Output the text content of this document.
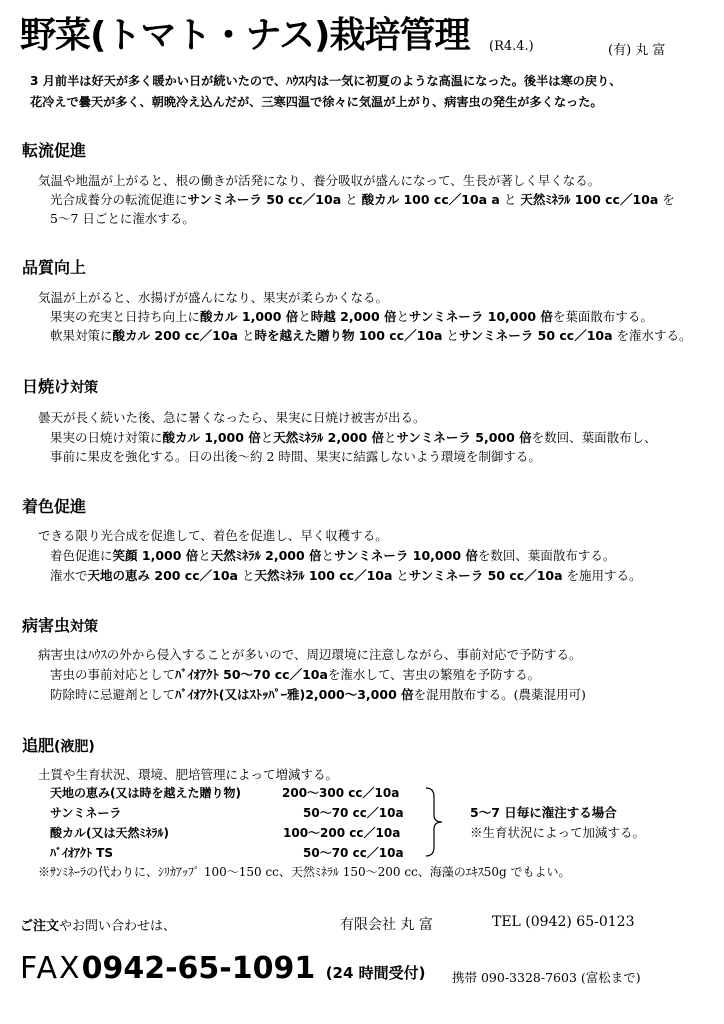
野菜(トマト・ナス)栽培管理 (R4.4.)	(有) 丸 富
3 月前半は好天が多く暖かい日が続いたので、ﾊｳｽ内は一気に初夏のような高温になった。後半は寒の戻り、
花冷えで曇天が多く、朝晩冷え込んだが、三寒四温で徐々に気温が上がり、病害虫の発生が多くなった。
転流促進
気温や地温が上がると、根の働きが活発になり、養分吸収が盛んになって、生長が著しく早くなる。
光合成養分の転流促進にサンミネーラ 50 cc／10a と 酸カル 100 cc／10a a と 天然ﾐﾈﾗﾙ 100 cc／10a を
5～7 日ごとに潅水する。
品質向上
気温が上がると、水揚げが盛んになり、果実が柔らかくなる。
果実の充実と日持ち向上に酸カル 1,000 倍と時越 2,000 倍とサンミネーラ 10,000 倍を葉面散布する。
軟果対策に酸カル 200 cc／10a と時を越えた贈り物 100 cc／10a とサンミネーラ 50 cc／10a を潅水する。
日焼け対策
曇天が長く続いた後、急に暑くなったら、果実に日焼け被害が出る。
果実の日焼け対策に酸カル 1,000 倍と天然ﾐﾈﾗﾙ 2,000 倍とサンミネーラ 5,000 倍を数回、葉面散布し、
事前に果皮を強化する。日の出後～約 2 時間、果実に結露しないよう環境を制御する。
着色促進
できる限り光合成を促進して、着色を促進し、早く収穫する。
着色促進に笑顔 1,000 倍と天然ﾐﾈﾗﾙ 2,000 倍とサンミネーラ 10,000 倍を数回、葉面散布する。
潅水で天地の恵み 200 cc／10a と天然ﾐﾈﾗﾙ 100 cc／10a とサンミネーラ 50 cc／10a を施用する。
病害虫対策
病害虫はﾊｳｽの外から侵入することが多いので、周辺環境に注意しながら、事前対応で予防する。
害虫の事前対応としてﾊﾞｲｵｱｸﾄ 50～70 cc／10aを潅水して、害虫の繁殖を予防する。
防除時に忌避剤としてﾊﾞｲｵｱｸﾄ(又はｽﾄｯﾊﾟｰ雅)2,000～3,000 倍を混用散布する。(農薬混用可)
追肥(液肥)
土質や生育状況、環境、肥培管理によって増減する。
天地の恵み(又は時を越えた贈り物)	200～300 cc／10a
サンミネーラ	50～70 cc／10a
酸カル(又は天然ﾐﾈﾗﾙ)	100～200 cc／10a
ﾊﾞｲｵｱｸﾄ TS	50～70 cc／10a
5～7 日毎に潅注する場合
※生育状況によって加減する。
※ｻﾝﾐﾈｰﾗの代わりに、ｼﾘｶｱｯﾌﾟ 100～150 cc、天然ﾐﾈﾗﾙ 150～200 cc、海藻のｴｷｽ50g でもよい。
ご注文やお問い合わせは、	有限会社 丸 富	TEL (0942) 65-0123
FAX0942-65-1091 (24 時間受付) 携帯 090-3328-7603 (富松まで)
